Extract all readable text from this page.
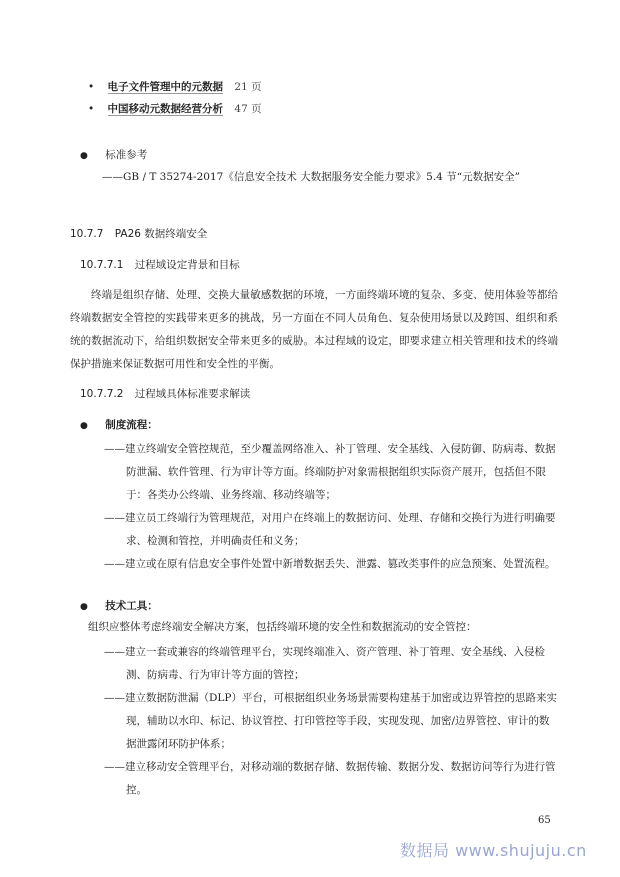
• 电子文件管理中的元数据 21 页
• 中国移动元数据经营分析 47 页
● 标准参考
——GB / T 35274-2017《信息安全技术 大数据服务安全能力要求》5.4 节“元数据安全”
10.7.7 PA26 数据终端安全
10.7.7.1 过程域设定背景和目标
终端是组织存储、处理、交换大量敏感数据的环境，一方面终端环境的复杂、多变、使用体验等都给终端数据安全管控的实践带来更多的挑战，另一方面在不同人员角色、复杂使用场景以及跨国、组织和系统的数据流动下，给组织数据安全带来更多的威胁。本过程域的设定，即要求建立相关管理和技术的终端保护措施来保证数据可用性和安全性的平衡。
10.7.7.2 过程域具体标准要求解读
● 制度流程：
——建立终端安全管控规范，至少覆盖网络准入、补丁管理、安全基线、入侵防御、防病毒、数据防泄漏、软件管理、行为审计等方面。终端防护对象需根据组织实际资产展开，包括但不限于：各类办公终端、业务终端、移动终端等；
——建立员工终端行为管理规范，对用户在终端上的数据访问、处理、存储和交换行为进行明确要求、检测和管控，并明确责任和义务；
——建立或在原有信息安全事件处置中新增数据丢失、泄露、篡改类事件的应急预案、处置流程。
● 技术工具：
组织应整体考虑终端安全解决方案，包括终端环境的安全性和数据流动的安全管控：
——建立一套或兼容的终端管理平台，实现终端准入、资产管理、补丁管理、安全基线、入侵检测、防病毒、行为审计等方面的管控；
——建立数据防泄漏（DLP）平台，可根据组织业务场景需要构建基于加密或边界管控的思路来实现，辅助以水印、标记、协议管控、打印管控等手段，实现发现、加密/边界管控、审计的数据泄露闭环防护体系；
——建立移动安全管理平台，对移动端的数据存储、数据传输、数据分发、数据访问等行为进行管控。
65
数据局 www.shujuju.cn
